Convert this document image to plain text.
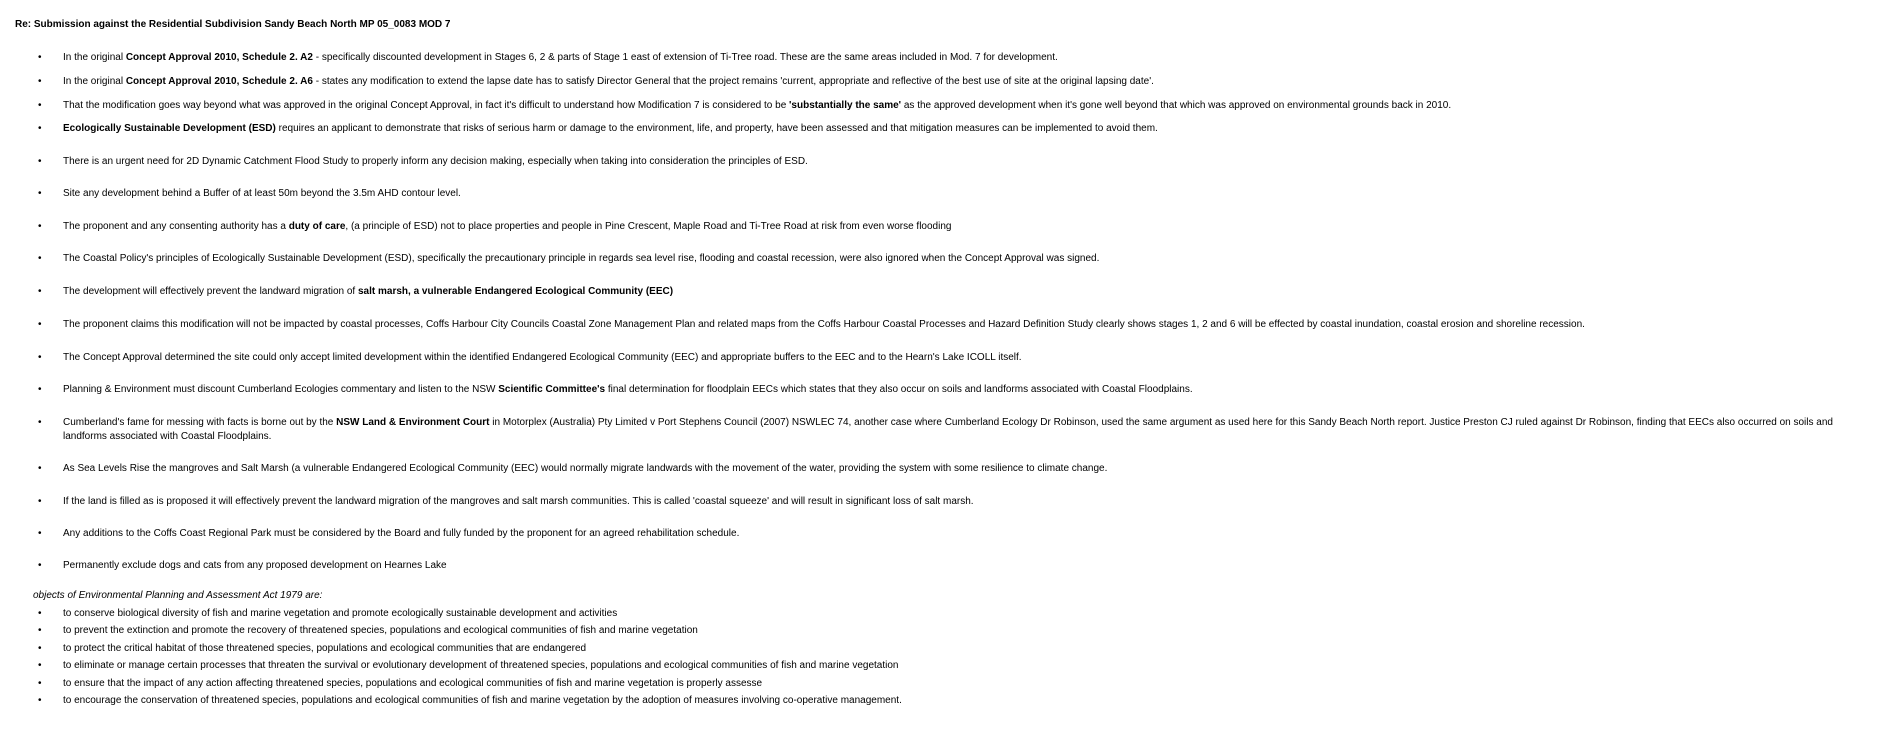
Re: Submission against the Residential Subdivision Sandy Beach North MP 05_0083 MOD 7
• In the original Concept Approval 2010, Schedule 2. A2 - specifically discounted development in Stages 6, 2 & parts of Stage 1 east of extension of Ti-Tree road. These are the same areas included in Mod. 7 for development.
• In the original Concept Approval 2010, Schedule 2. A6 - states any modification to extend the lapse date has to satisfy Director General that the project remains 'current, appropriate and reflective of the best use of site at the original lapsing date'.
• That the modification goes way beyond what was approved in the original Concept Approval, in fact it's difficult to understand how Modification 7 is considered to be 'substantially the same' as the approved development when it's gone well beyond that which was approved on environmental grounds back in 2010.
• Ecologically Sustainable Development (ESD) requires an applicant to demonstrate that risks of serious harm or damage to the environment, life, and property, have been assessed and that mitigation measures can be implemented to avoid them.
• There is an urgent need for 2D Dynamic Catchment Flood Study to properly inform any decision making, especially when taking into consideration the principles of ESD.
• Site any development behind a Buffer of at least 50m beyond the 3.5m AHD contour level.
• The proponent and any consenting authority has a duty of care, (a principle of ESD) not to place properties and people in Pine Crescent, Maple Road and Ti-Tree Road at risk from even worse flooding
• The Coastal Policy's principles of Ecologically Sustainable Development (ESD), specifically the precautionary principle in regards sea level rise, flooding and coastal recession, were also ignored when the Concept Approval was signed.
• The development will effectively prevent the landward migration of salt marsh, a vulnerable Endangered Ecological Community (EEC)
• The proponent claims this modification will not be impacted by coastal processes, Coffs Harbour City Councils Coastal Zone Management Plan and related maps from the Coffs Harbour Coastal Processes and Hazard Definition Study clearly shows stages 1, 2 and 6 will be effected by coastal inundation, coastal erosion and shoreline recession.
• The Concept Approval determined the site could only accept limited development within the identified Endangered Ecological Community (EEC) and appropriate buffers to the EEC and to the Hearn's Lake ICOLL itself.
• Planning & Environment must discount Cumberland Ecologies commentary and listen to the NSW Scientific Committee's final determination for floodplain EECs which states that they also occur on soils and landforms associated with Coastal Floodplains.
• Cumberland's fame for messing with facts is borne out by the NSW Land & Environment Court in Motorplex (Australia) Pty Limited v Port Stephens Council (2007) NSWLEC 74, another case where Cumberland Ecology Dr Robinson, used the same argument as used here for this Sandy Beach North report. Justice Preston CJ ruled against Dr Robinson, finding that EECs also occurred on soils and landforms associated with Coastal Floodplains.
• As Sea Levels Rise the mangroves and Salt Marsh (a vulnerable Endangered Ecological Community (EEC) would normally migrate landwards with the movement of the water, providing the system with some resilience to climate change.
• If the land is filled as is proposed it will effectively prevent the landward migration of the mangroves and salt marsh communities. This is called 'coastal squeeze' and will result in significant loss of salt marsh.
• Any additions to the Coffs Coast Regional Park must be considered by the Board and fully funded by the proponent for an agreed rehabilitation schedule.
• Permanently exclude dogs and cats from any proposed development on Hearnes Lake
objects of Environmental Planning and Assessment Act 1979 are:
• to conserve biological diversity of fish and marine vegetation and promote ecologically sustainable development and activities
• to prevent the extinction and promote the recovery of threatened species, populations and ecological communities of fish and marine vegetation
• to protect the critical habitat of those threatened species, populations and ecological communities that are endangered
• to eliminate or manage certain processes that threaten the survival or evolutionary development of threatened species, populations and ecological communities of fish and marine vegetation
• to ensure that the impact of any action affecting threatened species, populations and ecological communities of fish and marine vegetation is properly assesse
• to encourage the conservation of threatened species, populations and ecological communities of fish and marine vegetation by the adoption of measures involving co-operative management.
